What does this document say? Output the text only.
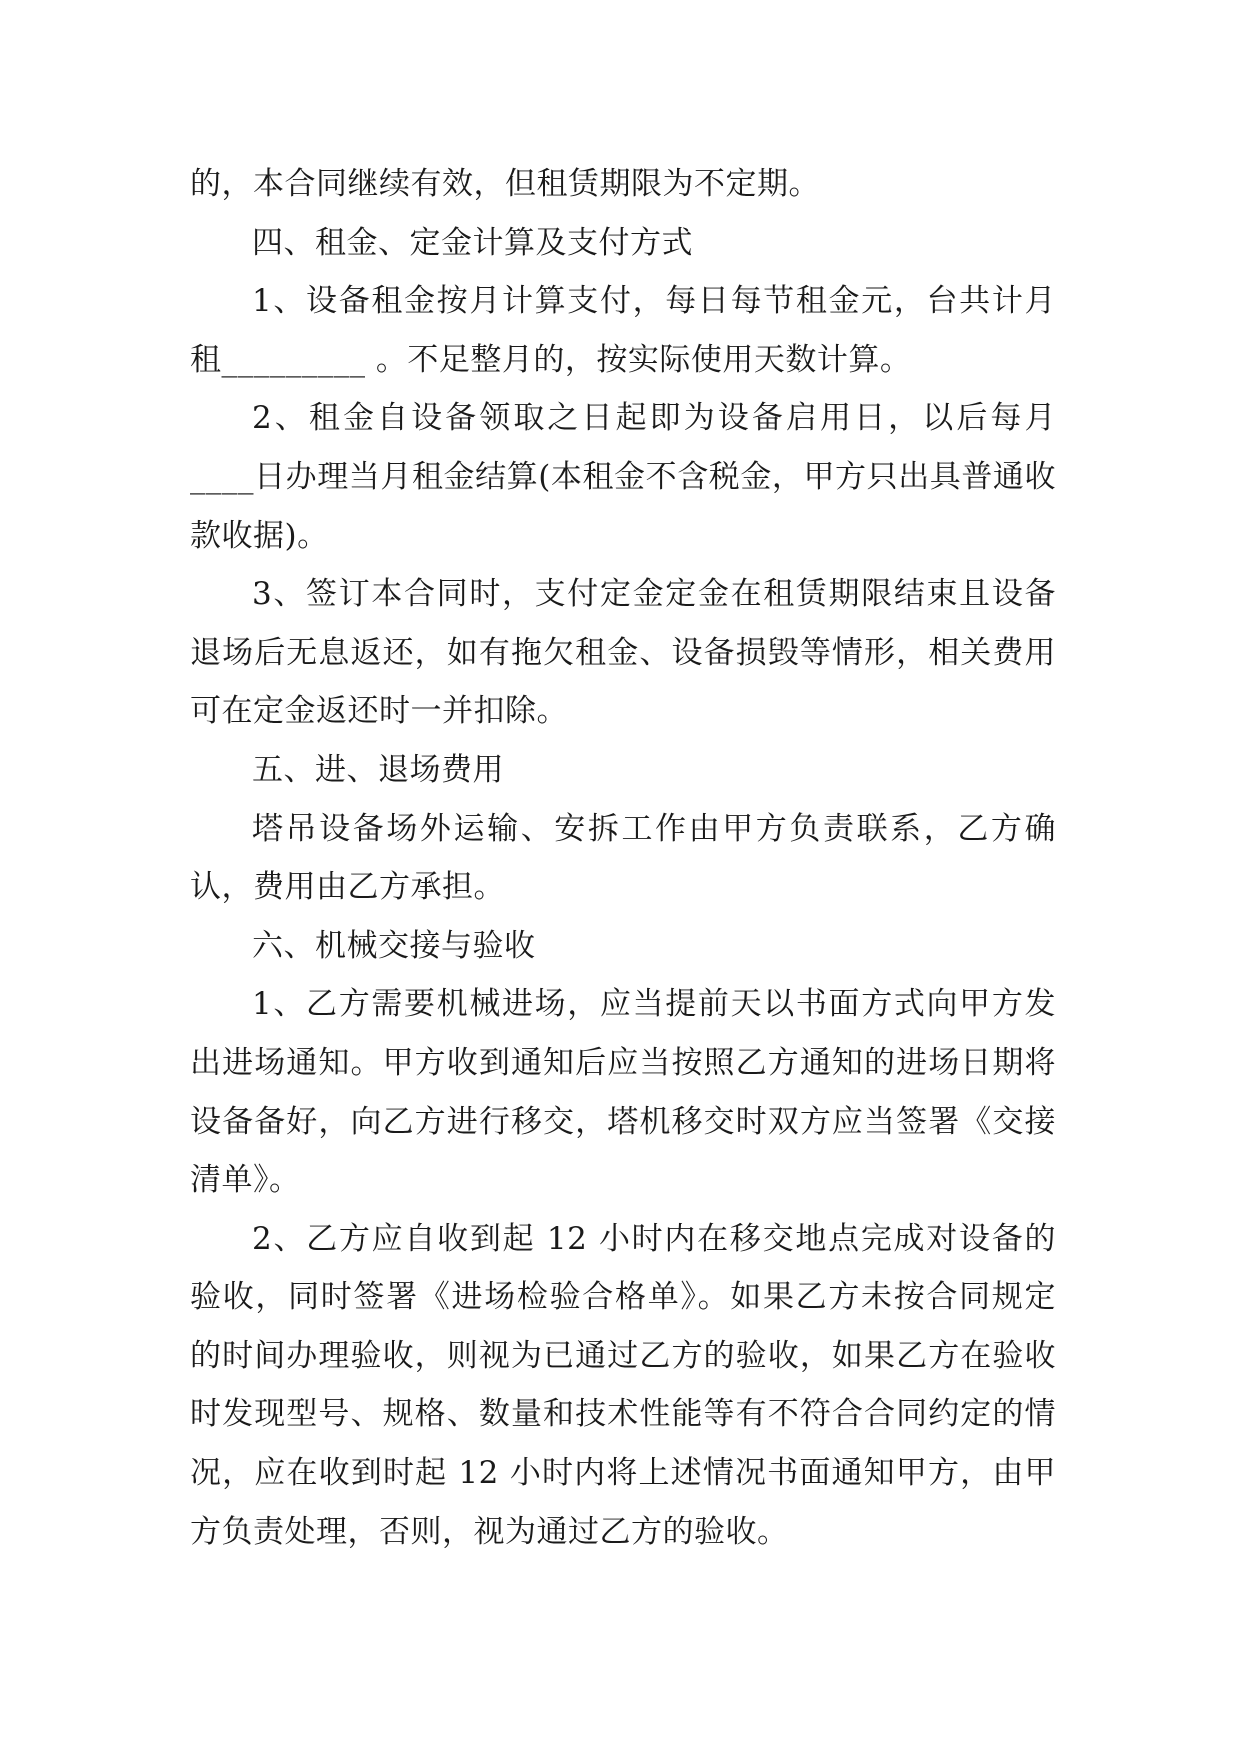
的，本合同继续有效，但租赁期限为不定期。

四、租金、定金计算及支付方式

1、设备租金按月计算支付，每日每节租金元，台共计月租_________ 。不足整月的，按实际使用天数计算。

2、租金自设备领取之日起即为设备启用日，以后每月____日办理当月租金结算(本租金不含税金，甲方只出具普通收款收据)。

3、签订本合同时，支付定金定金在租赁期限结束且设备退场后无息返还，如有拖欠租金、设备损毁等情形，相关费用可在定金返还时一并扣除。

五、进、退场费用

塔吊设备场外运输、安拆工作由甲方负责联系，乙方确认，费用由乙方承担。

六、机械交接与验收

1、乙方需要机械进场，应当提前天以书面方式向甲方发出进场通知。甲方收到通知后应当按照乙方通知的进场日期将设备备好，向乙方进行移交，塔机移交时双方应当签署《交接清单》。

2、乙方应自收到起 12 小时内在移交地点完成对设备的验收，同时签署《进场检验合格单》。如果乙方未按合同规定的时间办理验收，则视为已通过乙方的验收，如果乙方在验收时发现型号、规格、数量和技术性能等有不符合合同约定的情况，应在收到时起 12 小时内将上述情况书面通知甲方，由甲方负责处理，否则，视为通过乙方的验收。
